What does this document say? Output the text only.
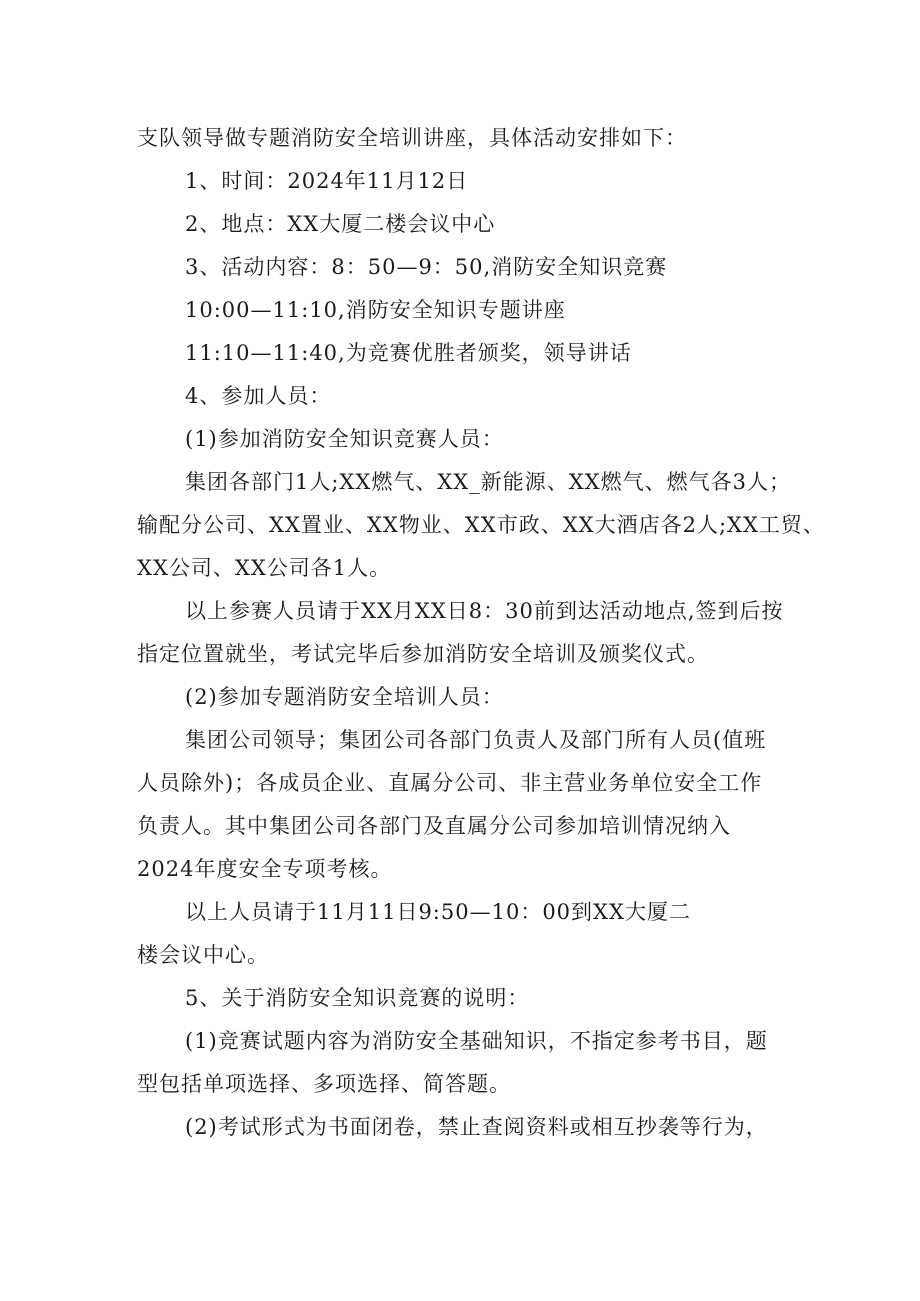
支队领导做专题消防安全培训讲座，具体活动安排如下：
1、时间：2024年11月12日
2、地点：XX大厦二楼会议中心
3、活动内容：8：50—9：50,消防安全知识竞赛
10:00—11:10,消防安全知识专题讲座
11:10—11:40,为竞赛优胜者颁奖，领导讲话
4、参加人员：
(1)参加消防安全知识竞赛人员：
集团各部门1人;XX燃气、XX_新能源、XX燃气、燃气各3人；
输配分公司、XX置业、XX物业、XX市政、XX大酒店各2人;XX工贸、
XX公司、XX公司各1人。
以上参赛人员请于XX月XX日8：30前到达活动地点,签到后按
指定位置就坐，考试完毕后参加消防安全培训及颁奖仪式。
(2)参加专题消防安全培训人员：
集团公司领导；集团公司各部门负责人及部门所有人员(值班
人员除外)；各成员企业、直属分公司、非主营业务单位安全工作
负责人。其中集团公司各部门及直属分公司参加培训情况纳入
2024年度安全专项考核。
以上人员请于11月11日9:50—10：00到XX大厦二
楼会议中心。
5、关于消防安全知识竞赛的说明：
(1)竞赛试题内容为消防安全基础知识，不指定参考书目，题
型包括单项选择、多项选择、简答题。
(2)考试形式为书面闭卷，禁止查阅资料或相互抄袭等行为，
